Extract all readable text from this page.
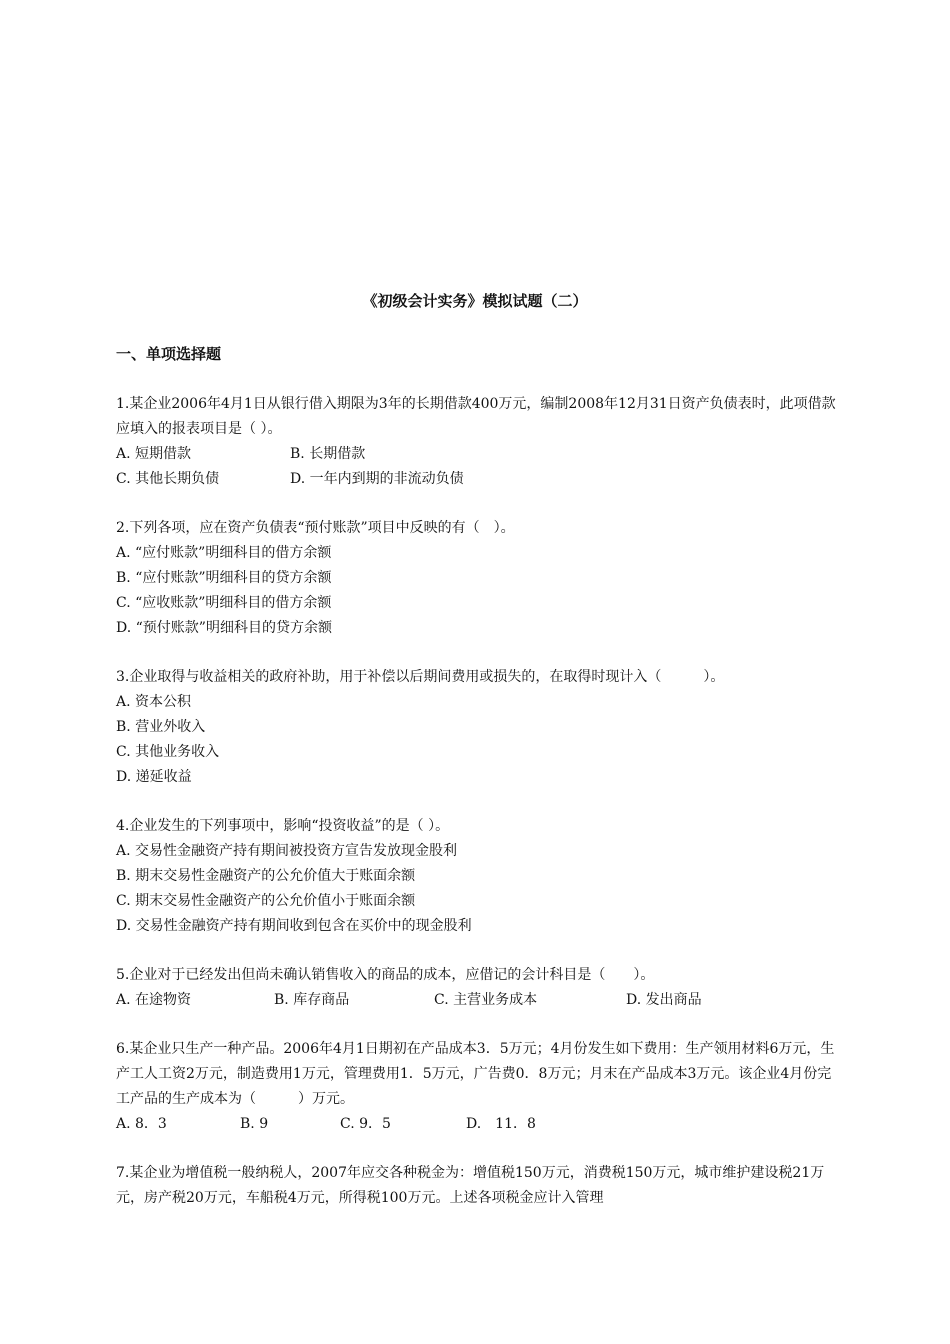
《初级会计实务》模拟试题（二）
一、单项选择题

1.某企业2006年4月1日从银行借入期限为3年的长期借款400万元，编制2008年12月31日资产负债表时，此项借款应填入的报表项目是（ ）。

A. 短期借款	B. 长期借款
C. 其他长期负债	D. 一年内到期的非流动负债

2.下列各项，应在资产负债表“预付账款”项目中反映的有（　）。

A. “应付账款”明细科目的借方余额

B. “应付账款”明细科目的贷方余额

C. “应收账款”明细科目的借方余额

D. “预付账款”明细科目的贷方余额

3.企业取得与收益相关的政府补助，用于补偿以后期间费用或损失的，在取得时现计入（　　　）。

A. 资本公积

B. 营业外收入

C. 其他业务收入

D. 递延收益

4.企业发生的下列事项中，影响“投资收益”的是（ ）。

A. 交易性金融资产持有期间被投资方宣告发放现金股利

B. 期末交易性金融资产的公允价值大于账面余额

C. 期末交易性金融资产的公允价值小于账面余额

D. 交易性金融资产持有期间收到包含在买价中的现金股利

5.企业对于已经发出但尚未确认销售收入的商品的成本，应借记的会计科目是（　　）。

A. 在途物资	B. 库存商品	C. 主营业务成本	D. 发出商品

6.某企业只生产一种产品。2006年4月1日期初在产品成本3．5万元；4月份发生如下费用：生产领用材料6万元，生产工人工资2万元，制造费用1万元，管理费用1．5万元，广告费0．8万元；月末在产品成本3万元。该企业4月份完工产品的生产成本为（　　　）万元。

A. 8．3	B. 9	C. 9．5	D.　11．8

7.某企业为增值税一般纳税人，2007年应交各种税金为：增值税150万元，消费税150万元，城市维护建设税21万元，房产税20万元，车船税4万元，所得税100万元。上述各项税金应计入管理
